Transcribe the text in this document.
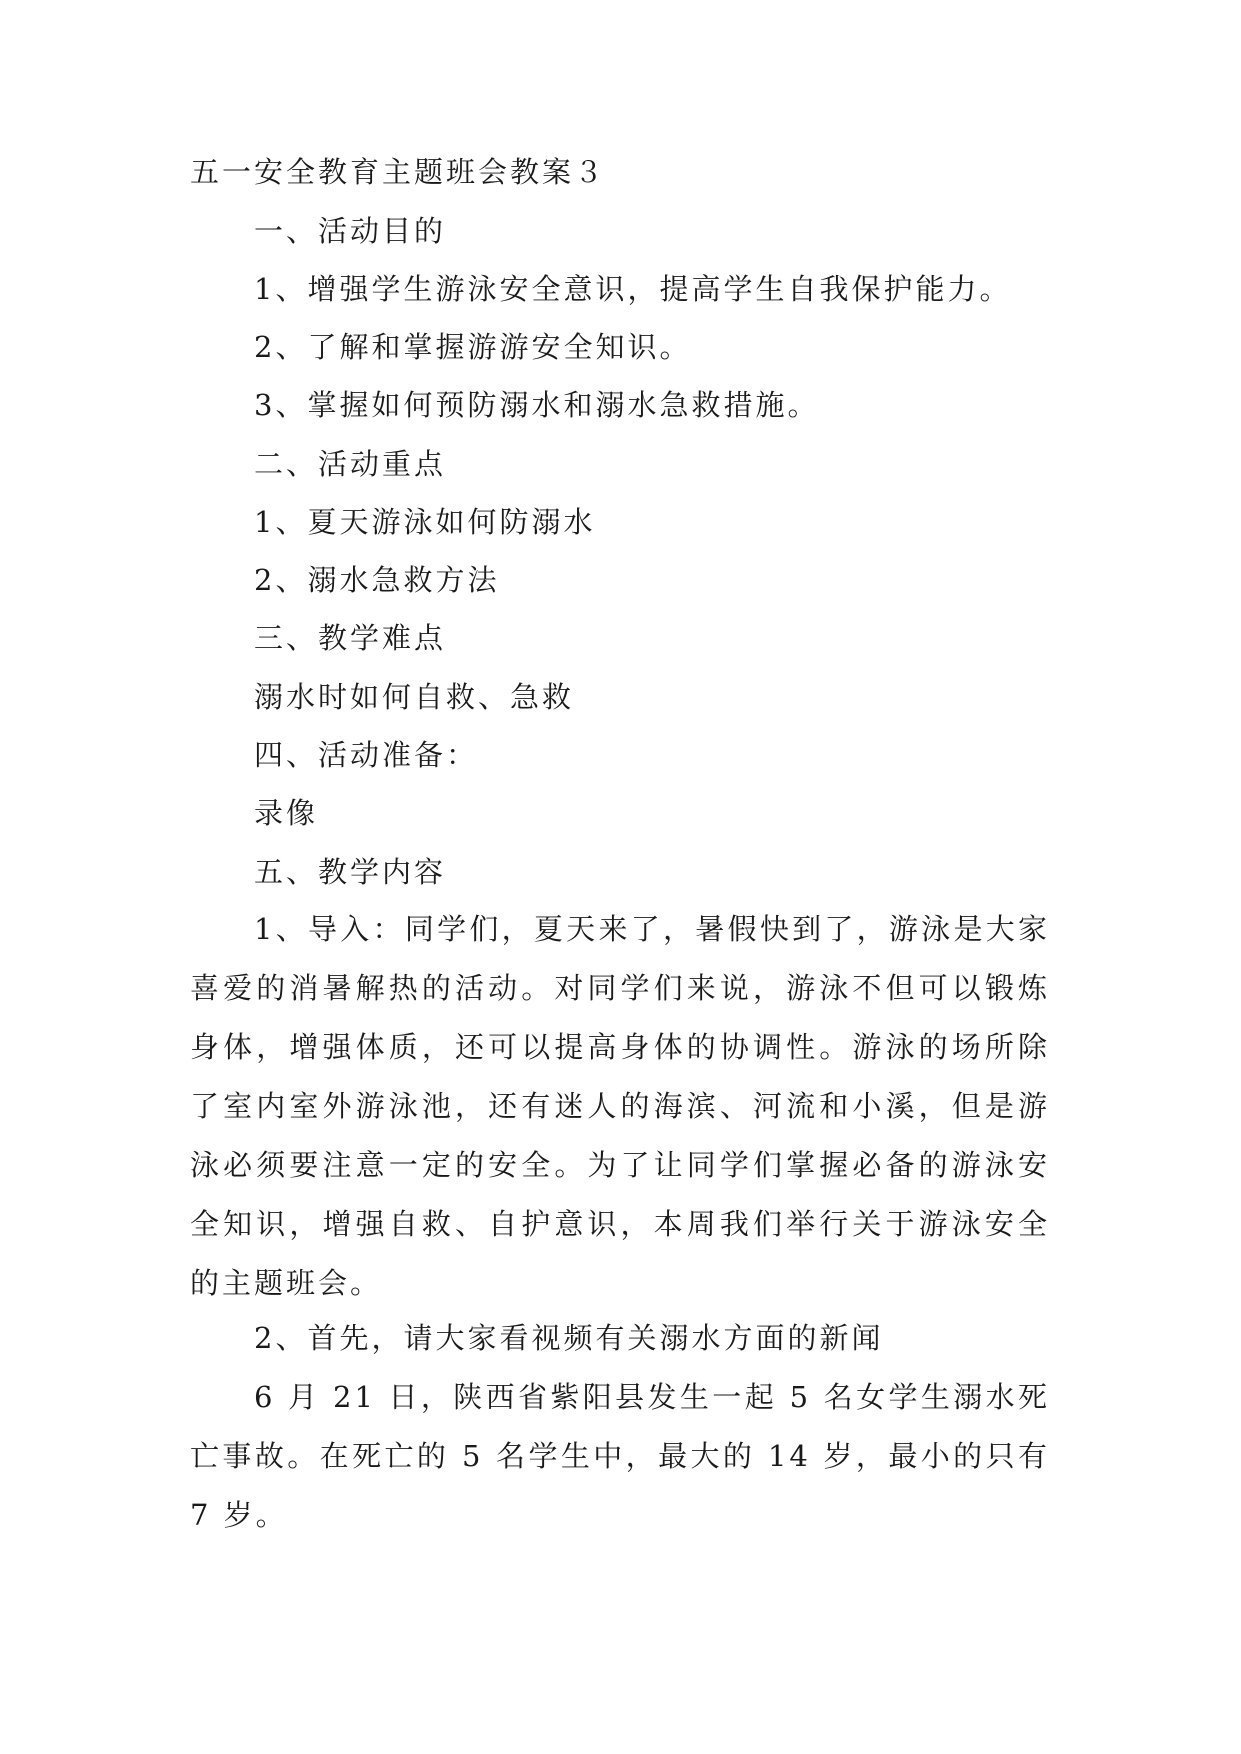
五一安全教育主题班会教案３
一、活动目的
1、增强学生游泳安全意识，提高学生自我保护能力。
2、了解和掌握游游安全知识。
3、掌握如何预防溺水和溺水急救措施。
二、活动重点
1、夏天游泳如何防溺水
2、溺水急救方法
三、教学难点
溺水时如何自救、急救
四、活动准备：
录像
五、教学内容
1、导入：同学们，夏天来了，暑假快到了，游泳是大家喜爱的消暑解热的活动。对同学们来说，游泳不但可以锻炼身体，增强体质，还可以提高身体的协调性。游泳的场所除了室内室外游泳池，还有迷人的海滨、河流和小溪，但是游泳必须要注意一定的安全。为了让同学们掌握必备的游泳安全知识，增强自救、自护意识，本周我们举行关于游泳安全的主题班会。
2、首先，请大家看视频有关溺水方面的新闻
6 月 21 日，陕西省紫阳县发生一起 5 名女学生溺水死亡事故。在死亡的 5 名学生中，最大的 14 岁，最小的只有 7 岁。
